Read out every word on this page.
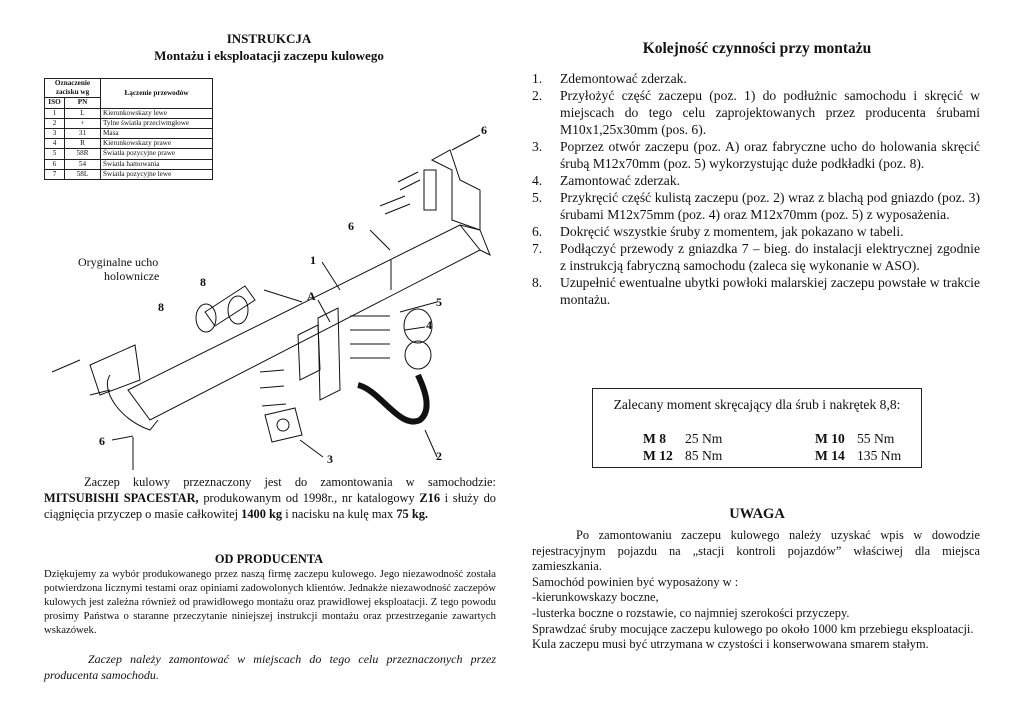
INSTRUKCJA
Montażu i eksploatacji zaczepu kulowego
Oznaczenie zacisku wg		Łączenie przewodów
ISO	PN	
1	L	Kierunkowskazy lewe
2	+	Tylne światła przeciwmgłowe
3	31	Masa
4	R	Kierunkowskazy prawe
5	58R	Światła pozycyjne prawe
6	54	Światła hamowania
7	58L	Światła pozycyjne lewe
6
6
1
8
8
A	5
4
6
3	2
Oryginalne ucho
holownicze
Zaczep kulowy przeznaczony jest do zamontowania w samochodzie: MITSUBISHI SPACESTAR, produkowanym od 1998r., nr katalogowy Z16 i służy do ciągnięcia przyczep o masie całkowitej 1400 kg i nacisku na kulę max 75 kg.
OD PRODUCENTA
Dziękujemy za wybór produkowanego przez naszą firmę zaczepu kulowego. Jego niezawodność została potwierdzona licznymi testami oraz opiniami zadowolonych klientów. Jednakże niezawodność zaczepów kulowych jest zależna również od prawidłowego montażu oraz prawidłowej eksploatacji. Z tego powodu prosimy Państwa o staranne przeczytanie niniejszej instrukcji montażu oraz przestrzeganie zawartych wskazówek.
Zaczep należy zamontować w miejscach do tego celu przeznaczonych przez producenta samochodu.
Kolejność czynności przy montażu
1. Zdemontować zderzak.
2. Przyłożyć część zaczepu (poz. 1) do podłużnic samochodu i skręcić w miejscach do tego celu zaprojektowanych przez producenta śrubami M10x1,25x30mm (pos. 6).
3. Poprzez otwór zaczepu (poz. A) oraz fabryczne ucho do holowania skręcić śrubą M12x70mm (poz. 5) wykorzystując duże podkładki (poz. 8).
4. Zamontować zderzak.
5. Przykręcić część kulistą zaczepu (poz. 2) wraz z blachą pod gniazdo (poz. 3) śrubami M12x75mm (poz. 4) oraz M12x70mm (poz. 5) z wyposażenia.
6. Dokręcić wszystkie śruby z momentem, jak pokazano w tabeli.
7. Podłączyć przewody z gniazdka 7 – bieg. do instalacji elektrycznej zgodnie z instrukcją fabryczną samochodu (zaleca się wykonanie w ASO).
8. Uzupełnić ewentualne ubytki powłoki malarskiej zaczepu powstałe w trakcie montażu.
Zalecany moment skręcający dla śrub i nakrętek 8,8:
M 8 25 Nm	M 10 55 Nm
M 12 85 Nm	M 14 135 Nm
UWAGA

Po zamontowaniu zaczepu kulowego należy uzyskać wpis w dowodzie rejestracyjnym pojazdu na „stacji kontroli pojazdów” właściwej dla miejsca zamieszkania.

Samochód powinien być wyposażony w :

-kierunkowskazy boczne,

-lusterka boczne o rozstawie, co najmniej szerokości przyczepy.

Sprawdzać śruby mocujące zaczepu kulowego po około 1000 km przebiegu eksploatacji.

Kula zaczepu musi być utrzymana w czystości i konserwowana smarem stałym.
